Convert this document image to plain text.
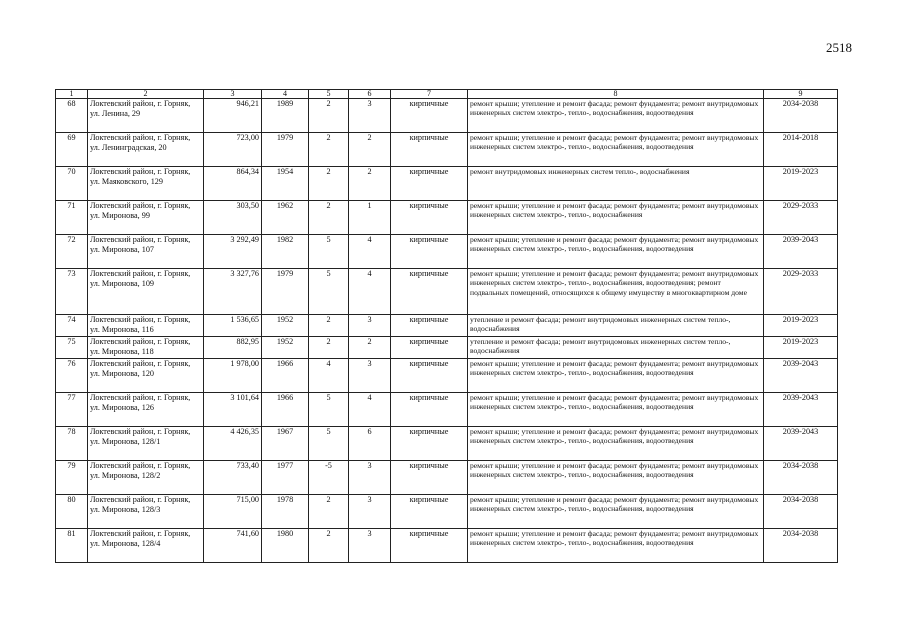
2518
1	2	3	4	5	6	7	8	9
68	Локтевский район, г. Горняк, ул. Ленина, 29	946,21	1989	2	3	кирпичные	ремонт крыши; утепление и ремонт фасада; ремонт фундамента; ремонт внутридомовых инженерных систем электро-, тепло-, водоснабжения, водоотведения	2034-2038
69	Локтевский район, г. Горняк, ул. Ленинградская, 20	723,00	1979	2	2	кирпичные	ремонт крыши; утепление и ремонт фасада; ремонт фундамента; ремонт внутридомовых инженерных систем электро-, тепло-, водоснабжения, водоотведения	2014-2018
70	Локтевский район, г. Горняк, ул. Маяковского, 129	864,34	1954	2	2	кирпичные	ремонт внутридомовых инженерных систем тепло-, водоснабжения	2019-2023
71	Локтевский район, г. Горняк, ул. Миронова, 99	303,50	1962	2	1	кирпичные	ремонт крыши; утепление и ремонт фасада; ремонт фундамента; ремонт внутридомовых инженерных систем электро-, тепло-, водоснабжения	2029-2033
72	Локтевский район, г. Горняк, ул. Миронова, 107	3 292,49	1982	5	4	кирпичные	ремонт крыши; утепление и ремонт фасада; ремонт фундамента; ремонт внутридомовых инженерных систем электро-, тепло-, водоснабжения, водоотведения	2039-2043
73	Локтевский район, г. Горняк, ул. Миронова, 109	3 327,76	1979	5	4	кирпичные	ремонт крыши; утепление и ремонт фасада; ремонт фундамента; ремонт внутридомовых инженерных систем электро-, тепло-, водоснабжения, водоотведения; ремонт подвальных помещений, относящихся к общему имуществу в многоквартирном доме	2029-2033
74	Локтевский район, г. Горняк, ул. Миронова, 116	1 536,65	1952	2	3	кирпичные	утепление и ремонт фасада; ремонт внутридомовых инженерных систем тепло-, водоснабжения	2019-2023
75	Локтевский район, г. Горняк, ул. Миронова, 118	882,95	1952	2	2	кирпичные	утепление и ремонт фасада; ремонт внутридомовых инженерных систем тепло-, водоснабжения	2019-2023
76	Локтевский район, г. Горняк, ул. Миронова, 120	1 978,00	1966	4	3	кирпичные	ремонт крыши; утепление и ремонт фасада; ремонт фундамента; ремонт внутридомовых инженерных систем электро-, тепло-, водоснабжения, водоотведения	2039-2043
77	Локтевский район, г. Горняк, ул. Миронова, 126	3 101,64	1966	5	4	кирпичные	ремонт крыши; утепление и ремонт фасада; ремонт фундамента; ремонт внутридомовых инженерных систем электро-, тепло-, водоснабжения, водоотведения	2039-2043
78	Локтевский район, г. Горняк, ул. Миронова, 128/1	4 426,35	1967	5	6	кирпичные	ремонт крыши; утепление и ремонт фасада; ремонт фундамента; ремонт внутридомовых инженерных систем электро-, тепло-, водоснабжения, водоотведения	2039-2043
79	Локтевский район, г. Горняк, ул. Миронова, 128/2	733,40	1977	-5	3	кирпичные	ремонт крыши; утепление и ремонт фасада; ремонт фундамента; ремонт внутридомовых инженерных систем электро-, тепло-, водоснабжения, водоотведения	2034-2038
80	Локтевский район, г. Горняк, ул. Миронова, 128/3	715,00	1978	2	3	кирпичные	ремонт крыши; утепление и ремонт фасада; ремонт фундамента; ремонт внутридомовых инженерных систем электро-, тепло-, водоснабжения, водоотведения	2034-2038
81	Локтевский район, г. Горняк, ул. Миронова, 128/4	741,60	1980	2	3	кирпичные	ремонт крыши; утепление и ремонт фасада; ремонт фундамента; ремонт внутридомовых инженерных систем электро-, тепло-, водоснабжения, водоотведения	2034-2038
